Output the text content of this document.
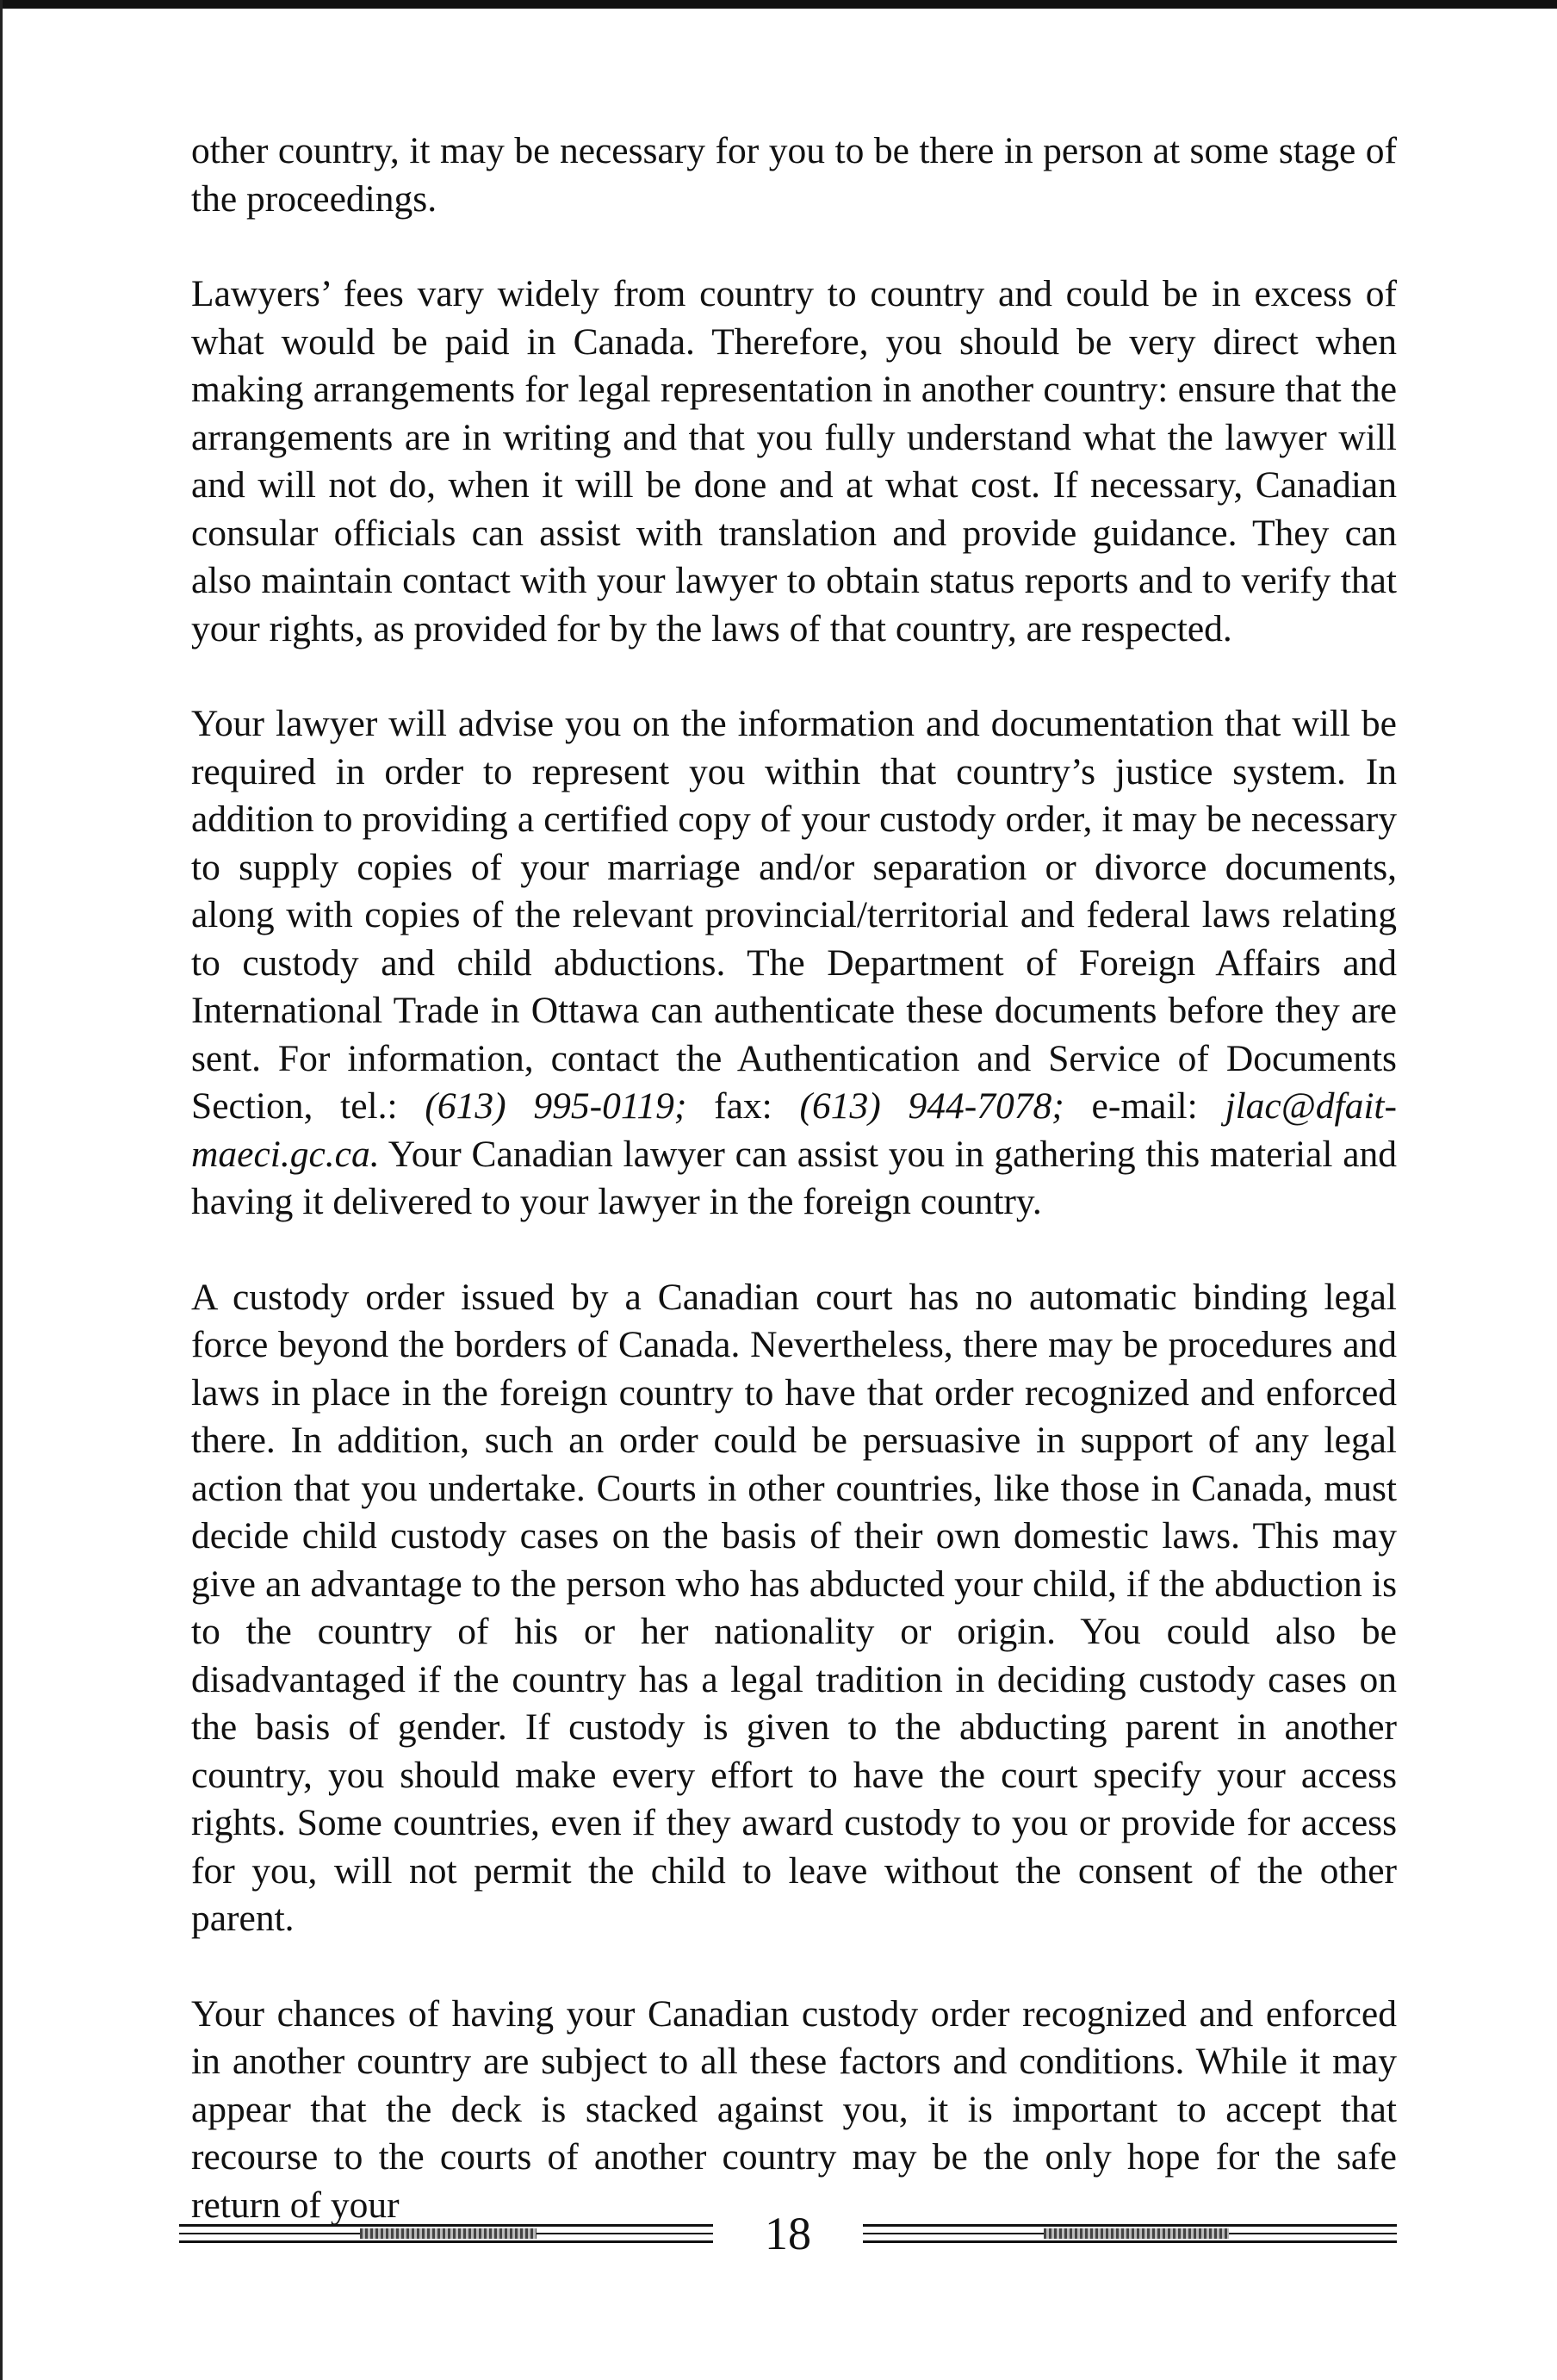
other country, it may be necessary for you to be there in person at some stage of the proceedings.

Lawyers’ fees vary widely from country to country and could be in excess of what would be paid in Canada. Therefore, you should be very direct when making arrangements for legal representation in another country: ensure that the arrangements are in writing and that you fully understand what the lawyer will and will not do, when it will be done and at what cost. If necessary, Canadian consular officials can assist with translation and provide guidance. They can also maintain contact with your lawyer to obtain status reports and to verify that your rights, as provided for by the laws of that country, are respected.

Your lawyer will advise you on the information and documentation that will be required in order to represent you within that country’s justice system. In addition to providing a certified copy of your custody order, it may be necessary to supply copies of your marriage and/or separation or divorce documents, along with copies of the relevant provincial/territorial and federal laws relating to custody and child abductions. The Department of Foreign Affairs and International Trade in Ottawa can authenticate these documents before they are sent. For information, contact the Authentication and Service of Documents Section, tel.: (613) 995-0119; fax: (613) 944-7078; e-mail: jlac@dfait-maeci.gc.ca. Your Canadian lawyer can assist you in gathering this material and having it delivered to your lawyer in the foreign country.

A custody order issued by a Canadian court has no automatic binding legal force beyond the borders of Canada. Nevertheless, there may be procedures and laws in place in the foreign country to have that order recognized and enforced there. In addition, such an order could be persuasive in support of any legal action that you undertake. Courts in other countries, like those in Canada, must decide child custody cases on the basis of their own domestic laws. This may give an advantage to the person who has abducted your child, if the abduction is to the country of his or her nationality or origin. You could also be disadvantaged if the country has a legal tradition in deciding custody cases on the basis of gender. If custody is given to the abducting parent in another country, you should make every effort to have the court specify your access rights. Some countries, even if they award custody to you or provide for access for you, will not permit the child to leave without the consent of the other parent.

Your chances of having your Canadian custody order recognized and enforced in another country are subject to all these factors and conditions. While it may appear that the deck is stacked against you, it is important to accept that recourse to the courts of another country may be the only hope for the safe return of your

18
